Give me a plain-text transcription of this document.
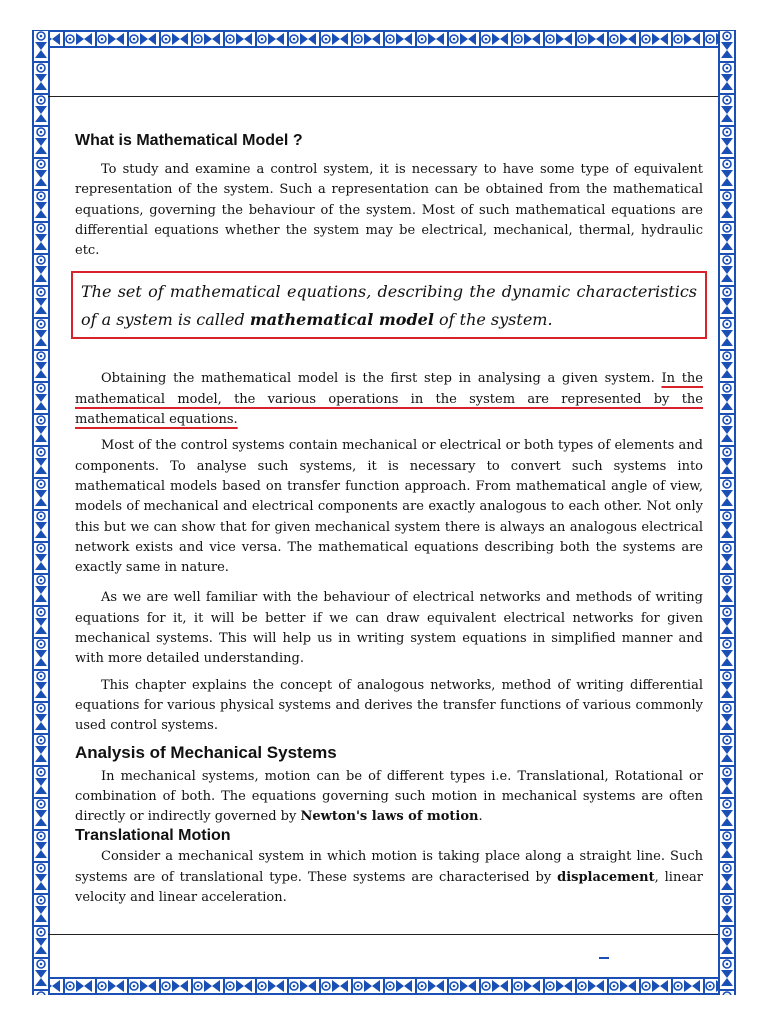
What is Mathematical Model ?

To study and examine a control system, it is necessary to have some type of equivalent representation of the system. Such a representation can be obtained from the mathematical equations, governing the behaviour of the system. Most of such mathematical equations are differential equations whether the system may be electrical, mechanical, thermal, hydraulic etc.

The set of mathematical equations, describing the dynamic characteristics of a system is called mathematical model of the system.

Obtaining the mathematical model is the first step in analysing a given system. In the mathematical model, the various operations in the system are represented by the mathematical equations.

Most of the control systems contain mechanical or electrical or both types of elements and components. To analyse such systems, it is necessary to convert such systems into mathematical models based on transfer function approach. From mathematical angle of view, models of mechanical and electrical components are exactly analogous to each other. Not only this but we can show that for given mechanical system there is always an analogous electrical network exists and vice versa. The mathematical equations describing both the systems are exactly same in nature.

As we are well familiar with the behaviour of electrical networks and methods of writing equations for it, it will be better if we can draw equivalent electrical networks for given mechanical systems. This will help us in writing system equations in simplified manner and with more detailed understanding.

This chapter explains the concept of analogous networks, method of writing differential equations for various physical systems and derives the transfer functions of various commonly used control systems.

Analysis of Mechanical Systems

In mechanical systems, motion can be of different types i.e. Translational, Rotational or combination of both. The equations governing such motion in mechanical systems are often directly or indirectly governed by Newton's laws of motion.

Translational Motion

Consider a mechanical system in which motion is taking place along a straight line. Such systems are of translational type. These systems are characterised by displacement, linear velocity and linear acceleration.
